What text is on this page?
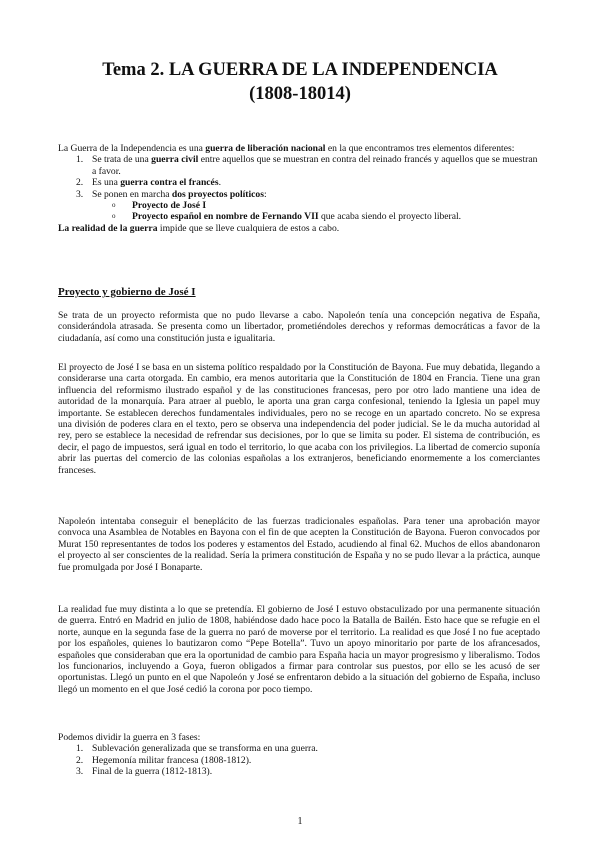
Tema 2. LA GUERRA DE LA INDEPENDENCIA
(1808-18014)

La Guerra de la Independencia es una guerra de liberación nacional en la que encontramos tres elementos diferentes:

1. Se trata de una guerra civil entre aquellos que se muestran en contra del reinado francés y aquellos que se muestran a favor.
2. Es una guerra contra el francés.
3. Se ponen en marcha dos proyectos políticos:
o Proyecto de José I
o Proyecto español en nombre de Fernando VII que acaba siendo el proyecto liberal.

La realidad de la guerra impide que se lleve cualquiera de estos a cabo.

Proyecto y gobierno de José I
Se trata de un proyecto reformista que no pudo llevarse a cabo. Napoleón tenía una concepción negativa de España, considerándola atrasada. Se presenta como un libertador, prometiéndoles derechos y reformas democráticas a favor de la ciudadanía, así como una constitución justa e igualitaria.
El proyecto de José I se basa en un sistema político respaldado por la Constitución de Bayona. Fue muy debatida, llegando a considerarse una carta otorgada. En cambio, era menos autoritaria que la Constitución de 1804 en Francia. Tiene una gran influencia del reformismo ilustrado español y de las constituciones francesas, pero por otro lado mantiene una idea de autoridad de la monarquía. Para atraer al pueblo, le aporta una gran carga confesional, teniendo la Iglesia un papel muy importante. Se establecen derechos fundamentales individuales, pero no se recoge en un apartado concreto. No se expresa una división de poderes clara en el texto, pero se observa una independencia del poder judicial. Se le da mucha autoridad al rey, pero se establece la necesidad de refrendar sus decisiones, por lo que se limita su poder. El sistema de contribución, es decir, el pago de impuestos, será igual en todo el territorio, lo que acaba con los privilegios. La libertad de comercio suponía abrir las puertas del comercio de las colonias españolas a los extranjeros, beneficiando enormemente a los comerciantes franceses.
Napoleón intentaba conseguir el beneplácito de las fuerzas tradicionales españolas. Para tener una aprobación mayor convoca una Asamblea de Notables en Bayona con el fin de que acepten la Constitución de Bayona. Fueron convocados por Murat 150 representantes de todos los poderes y estamentos del Estado, acudiendo al final 62. Muchos de ellos abandonaron el proyecto al ser conscientes de la realidad. Sería la primera constitución de España y no se pudo llevar a la práctica, aunque fue promulgada por José I Bonaparte.
La realidad fue muy distinta a lo que se pretendía. El gobierno de José I estuvo obstaculizado por una permanente situación de guerra. Entró en Madrid en julio de 1808, habiéndose dado hace poco la Batalla de Bailén. Esto hace que se refugie en el norte, aunque en la segunda fase de la guerra no paró de moverse por el territorio. La realidad es que José I no fue aceptado por los españoles, quienes lo bautizaron como “Pepe Botella”. Tuvo un apoyo minoritario por parte de los afrancesados, españoles que consideraban que era la oportunidad de cambio para España hacia un mayor progresismo y liberalismo. Todos los funcionarios, incluyendo a Goya, fueron obligados a firmar para controlar sus puestos, por ello se les acusó de ser oportunistas. Llegó un punto en el que Napoleón y José se enfrentaron debido a la situación del gobierno de España, incluso llegó un momento en el que José cedió la corona por poco tiempo.

Podemos dividir la guerra en 3 fases:

1. Sublevación generalizada que se transforma en una guerra.
2. Hegemonía militar francesa (1808-1812).
3. Final de la guerra (1812-1813).
1
